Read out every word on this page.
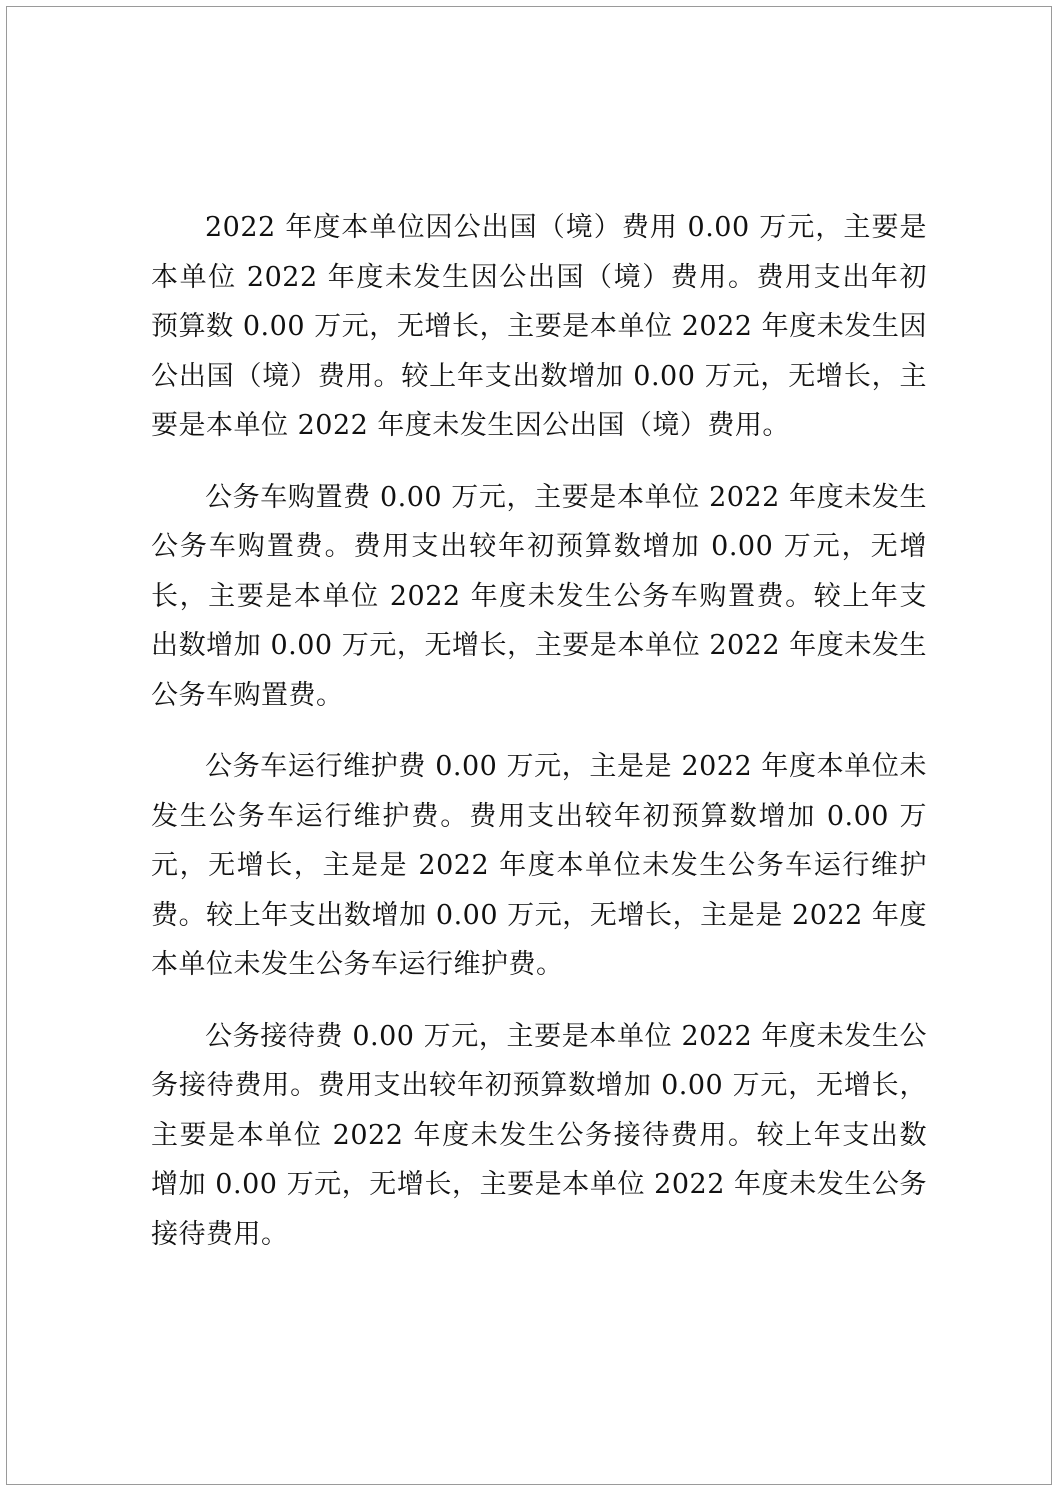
2022 年度本单位因公出国（境）费用 0.00 万元，主要是本单位 2022 年度未发生因公出国（境）费用。费用支出年初预算数 0.00 万元，无增长，主要是本单位 2022 年度未发生因公出国（境）费用。较上年支出数增加 0.00 万元，无增长，主要是本单位 2022 年度未发生因公出国（境）费用。

公务车购置费 0.00 万元，主要是本单位 2022 年度未发生公务车购置费。费用支出较年初预算数增加 0.00 万元，无增长，主要是本单位 2022 年度未发生公务车购置费。较上年支出数增加 0.00 万元，无增长，主要是本单位 2022 年度未发生公务车购置费。

公务车运行维护费 0.00 万元，主是是 2022 年度本单位未发生公务车运行维护费。费用支出较年初预算数增加 0.00 万元，无增长，主是是 2022 年度本单位未发生公务车运行维护费。较上年支出数增加 0.00 万元，无增长，主是是 2022 年度本单位未发生公务车运行维护费。

公务接待费 0.00 万元，主要是本单位 2022 年度未发生公务接待费用。费用支出较年初预算数增加 0.00 万元，无增长，主要是本单位 2022 年度未发生公务接待费用。较上年支出数增加 0.00 万元，无增长，主要是本单位 2022 年度未发生公务接待费用。
